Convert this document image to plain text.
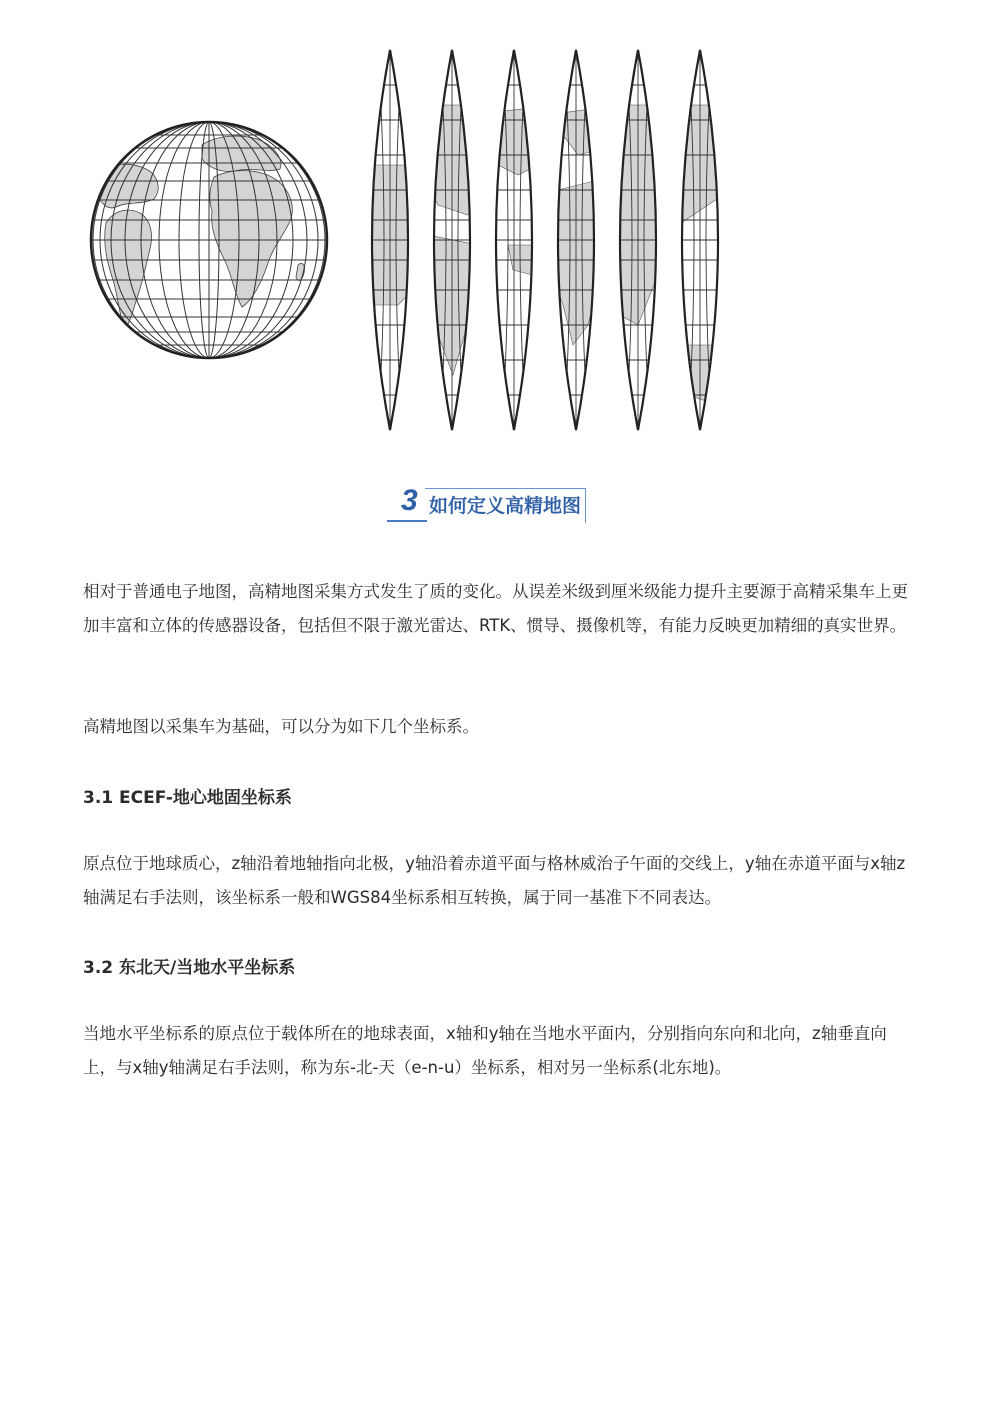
3 如何定义高精地图

相对于普通电子地图，高精地图采集方式发生了质的变化。从误差米级到厘米级能力提升主要源于高精采集车上更加丰富和立体的传感器设备，包括但不限于激光雷达、RTK、惯导、摄像机等，有能力反映更加精细的真实世界。

高精地图以采集车为基础，可以分为如下几个坐标系。

3.1 ECEF-地心地固坐标系

原点位于地球质心，z轴沿着地轴指向北极，y轴沿着赤道平面与格林威治子午面的交线上，y轴在赤道平面与x轴z轴满足右手法则，该坐标系一般和WGS84坐标系相互转换，属于同一基准下不同表达。

3.2 东北天/当地水平坐标系

当地水平坐标系的原点位于载体所在的地球表面，x轴和y轴在当地水平面内，分别指向东向和北向，z轴垂直向上，与x轴y轴满足右手法则，称为东-北-天（e-n-u）坐标系，相对另一坐标系(北东地)。
